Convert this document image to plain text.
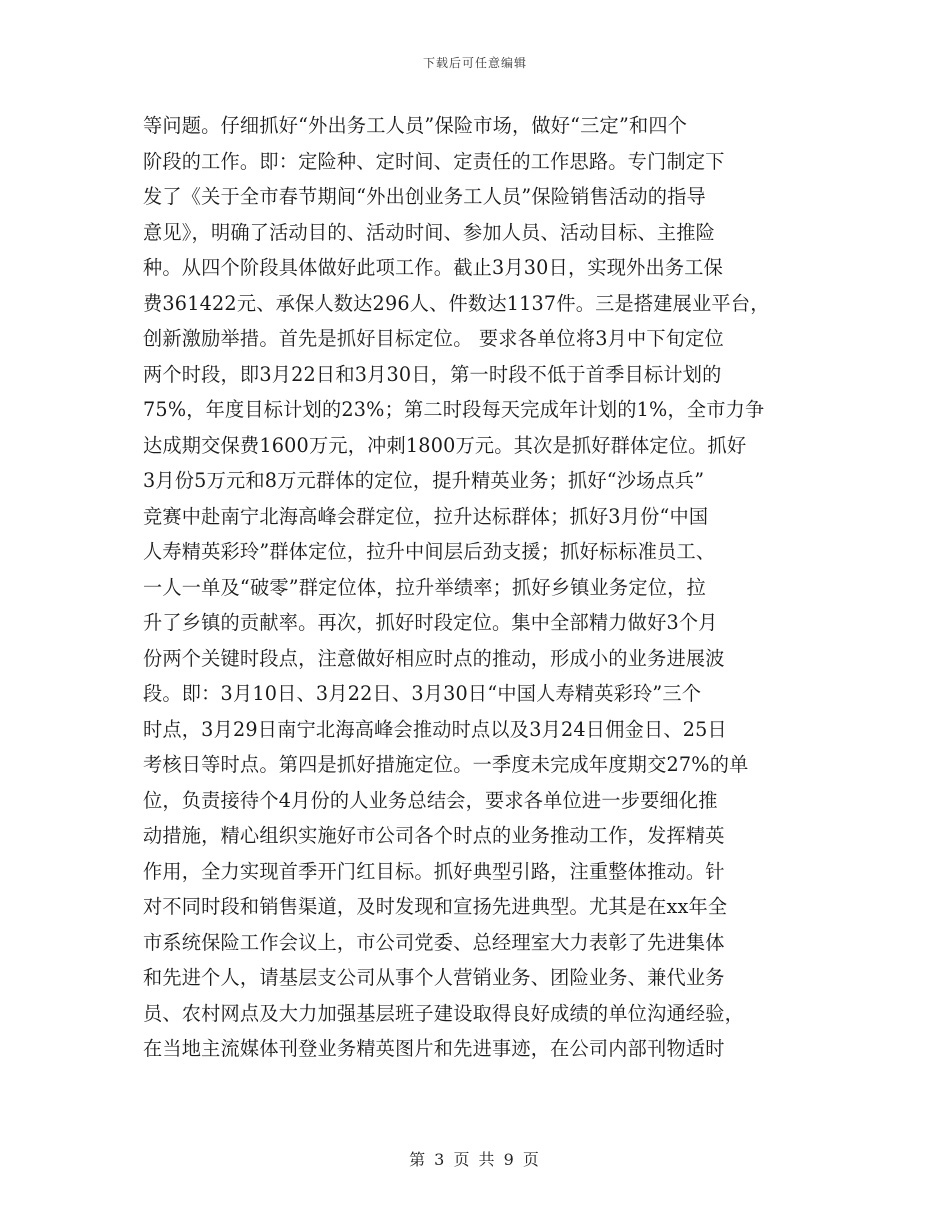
下载后可任意编辑
等问题。仔细抓好“外出务工人员”保险市场，做好“三定”和四个
阶段的工作。即：定险种、定时间、定责任的工作思路。专门制定下
发了《关于全市春节期间“外出创业务工人员”保险销售活动的指导
意见》，明确了活动目的、活动时间、参加人员、活动目标、主推险
种。从四个阶段具体做好此项工作。截止3月30日，实现外出务工保
费361422元、承保人数达296人、件数达1137件。三是搭建展业平台，
创新激励举措。首先是抓好目标定位。 要求各单位将3月中下旬定位
两个时段，即3月22日和3月30日，第一时段不低于首季目标计划的
75%，年度目标计划的23%；第二时段每天完成年计划的1%，全市力争
达成期交保费1600万元，冲刺1800万元。其次是抓好群体定位。抓好
3月份5万元和8万元群体的定位，提升精英业务；抓好“沙场点兵”
竞赛中赴南宁北海高峰会群定位，拉升达标群体；抓好3月份“中国
人寿精英彩玲”群体定位，拉升中间层后劲支援；抓好标标准员工、
一人一单及“破零”群定位体，拉升举绩率；抓好乡镇业务定位，拉
升了乡镇的贡献率。再次，抓好时段定位。集中全部精力做好3个月
份两个关键时段点，注意做好相应时点的推动，形成小的业务进展波
段。即：3月10日、3月22日、3月30日“中国人寿精英彩玲”三个
时点，3月29日南宁北海高峰会推动时点以及3月24日佣金日、25日
考核日等时点。第四是抓好措施定位。一季度未完成年度期交27%的单
位，负责接待个4月份的人业务总结会，要求各单位进一步要细化推
动措施，精心组织实施好市公司各个时点的业务推动工作，发挥精英
作用，全力实现首季开门红目标。抓好典型引路，注重整体推动。针
对不同时段和销售渠道，及时发现和宣扬先进典型。尤其是在xx年全
市系统保险工作会议上，市公司党委、总经理室大力表彰了先进集体
和先进个人，请基层支公司从事个人营销业务、团险业务、兼代业务
员、农村网点及大力加强基层班子建设取得良好成绩的单位沟通经验，
在当地主流媒体刊登业务精英图片和先进事迹，在公司内部刊物适时
第 3 页 共 9 页
